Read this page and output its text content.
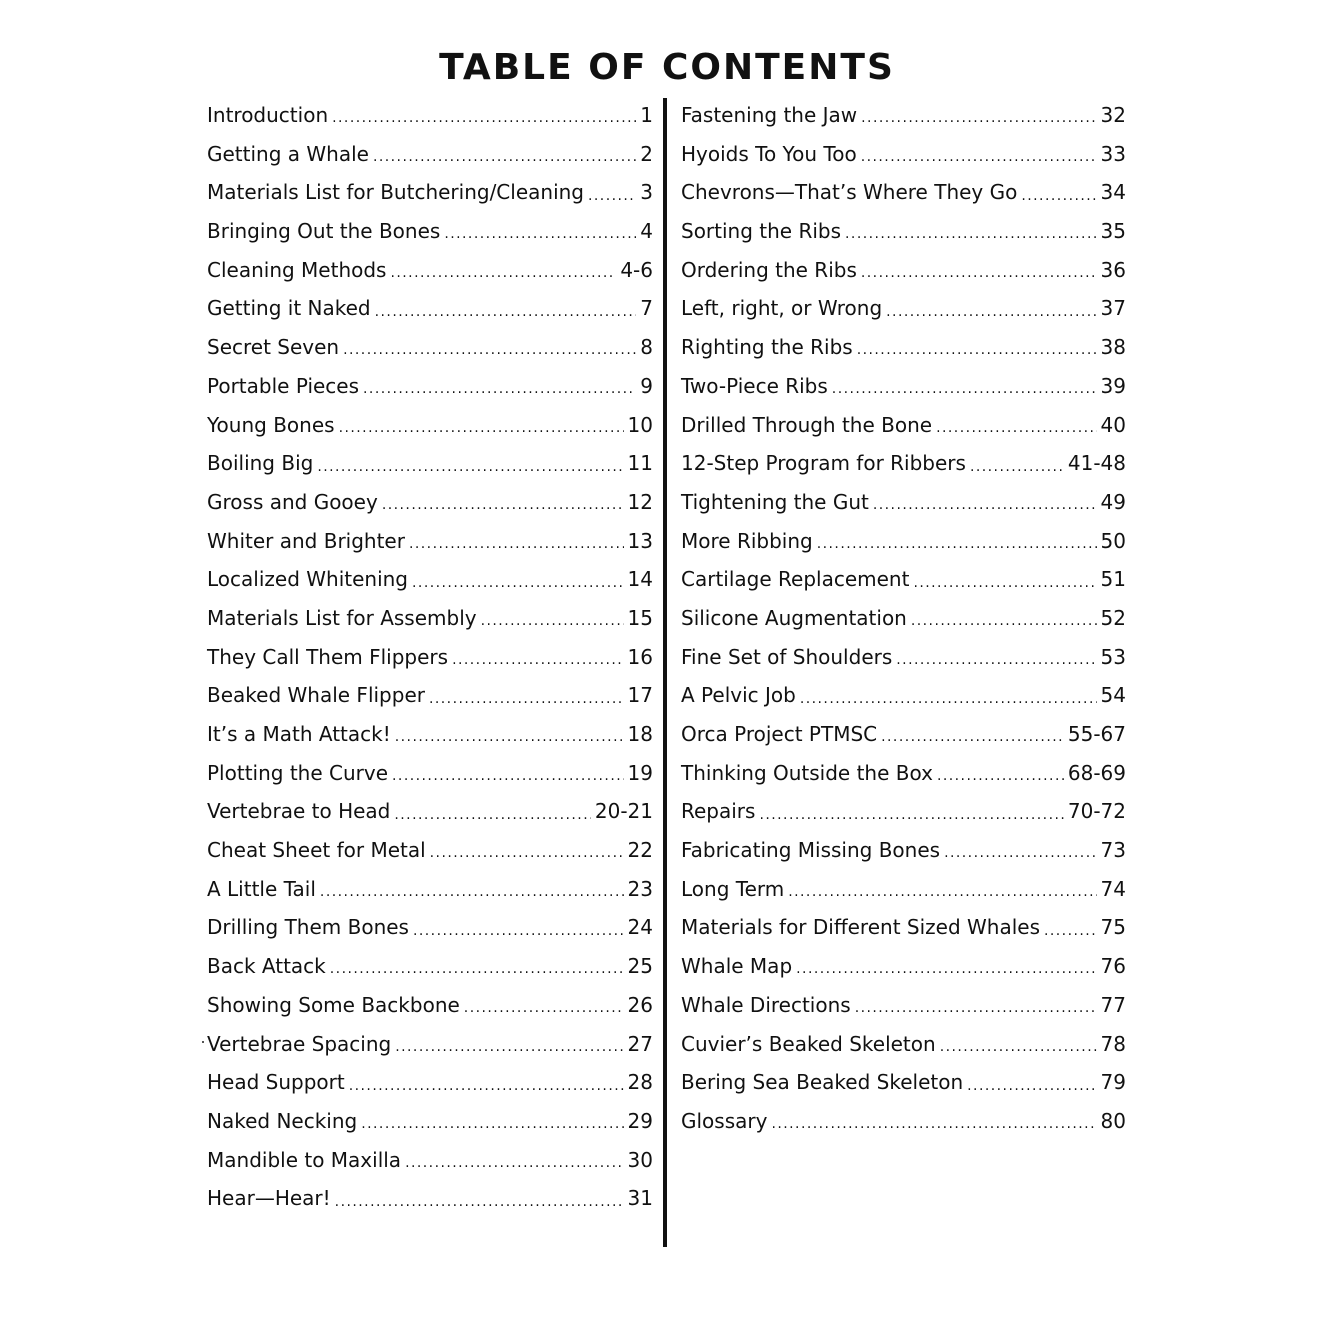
TABLE OF CONTENTS
Introduction . . .	1
Getting a Whale . . .	2
Materials List for Butchering/Cleaning . . .	3
Bringing Out the Bones . . .	4
Cleaning Methods . . .	4-6
Getting it Naked . . .	7
Secret Seven . . .	8
Portable Pieces . . .	9
Young Bones . . .	10
Boiling Big . . .	11
Gross and Gooey . . .	12
Whiter and Brighter . . .	13
Localized Whitening . . .	14
Materials List for Assembly . . .	15
They Call Them Flippers . . .	16
Beaked Whale Flipper . . .	17
It’s a Math Attack! . . .	18
Plotting the Curve . . .	19
Vertebrae to Head . . .	20-21
Cheat Sheet for Metal . . .	22
A Little Tail . . .	23
Drilling Them Bones . . .	24
Back Attack . . .	25
Showing Some Backbone . . .	26
Vertebrae Spacing . . .	27
Head Support . . .	28
Naked Necking . . .	29
Mandible to Maxilla . . .	30
Hear—Hear! . . .	31
Fastening the Jaw . . .	32
Hyoids To You Too . . .	33
Chevrons—That’s Where They Go . . .	34
Sorting the Ribs . . .	35
Ordering the Ribs . . .	36
Left, right, or Wrong . . .	37
Righting the Ribs . . .	38
Two-Piece Ribs . . .	39
Drilled Through the Bone . . .	40
12-Step Program for Ribbers . . .	41-48
Tightening the Gut . . .	49
More Ribbing . . .	50
Cartilage Replacement . . .	51
Silicone Augmentation . . .	52
Fine Set of Shoulders . . .	53
A Pelvic Job . . .	54
Orca Project PTMSC . . .	55-67
Thinking Outside the Box . . .	68-69
Repairs . . .	70-72
Fabricating Missing Bones . . .	73
Long Term . . .	74
Materials for Different Sized Whales . . .	75
Whale Map . . .	76
Whale Directions . . .	77
Cuvier’s Beaked Skeleton . . .	78
Bering Sea Beaked Skeleton . . .	79
Glossary . . .	80
